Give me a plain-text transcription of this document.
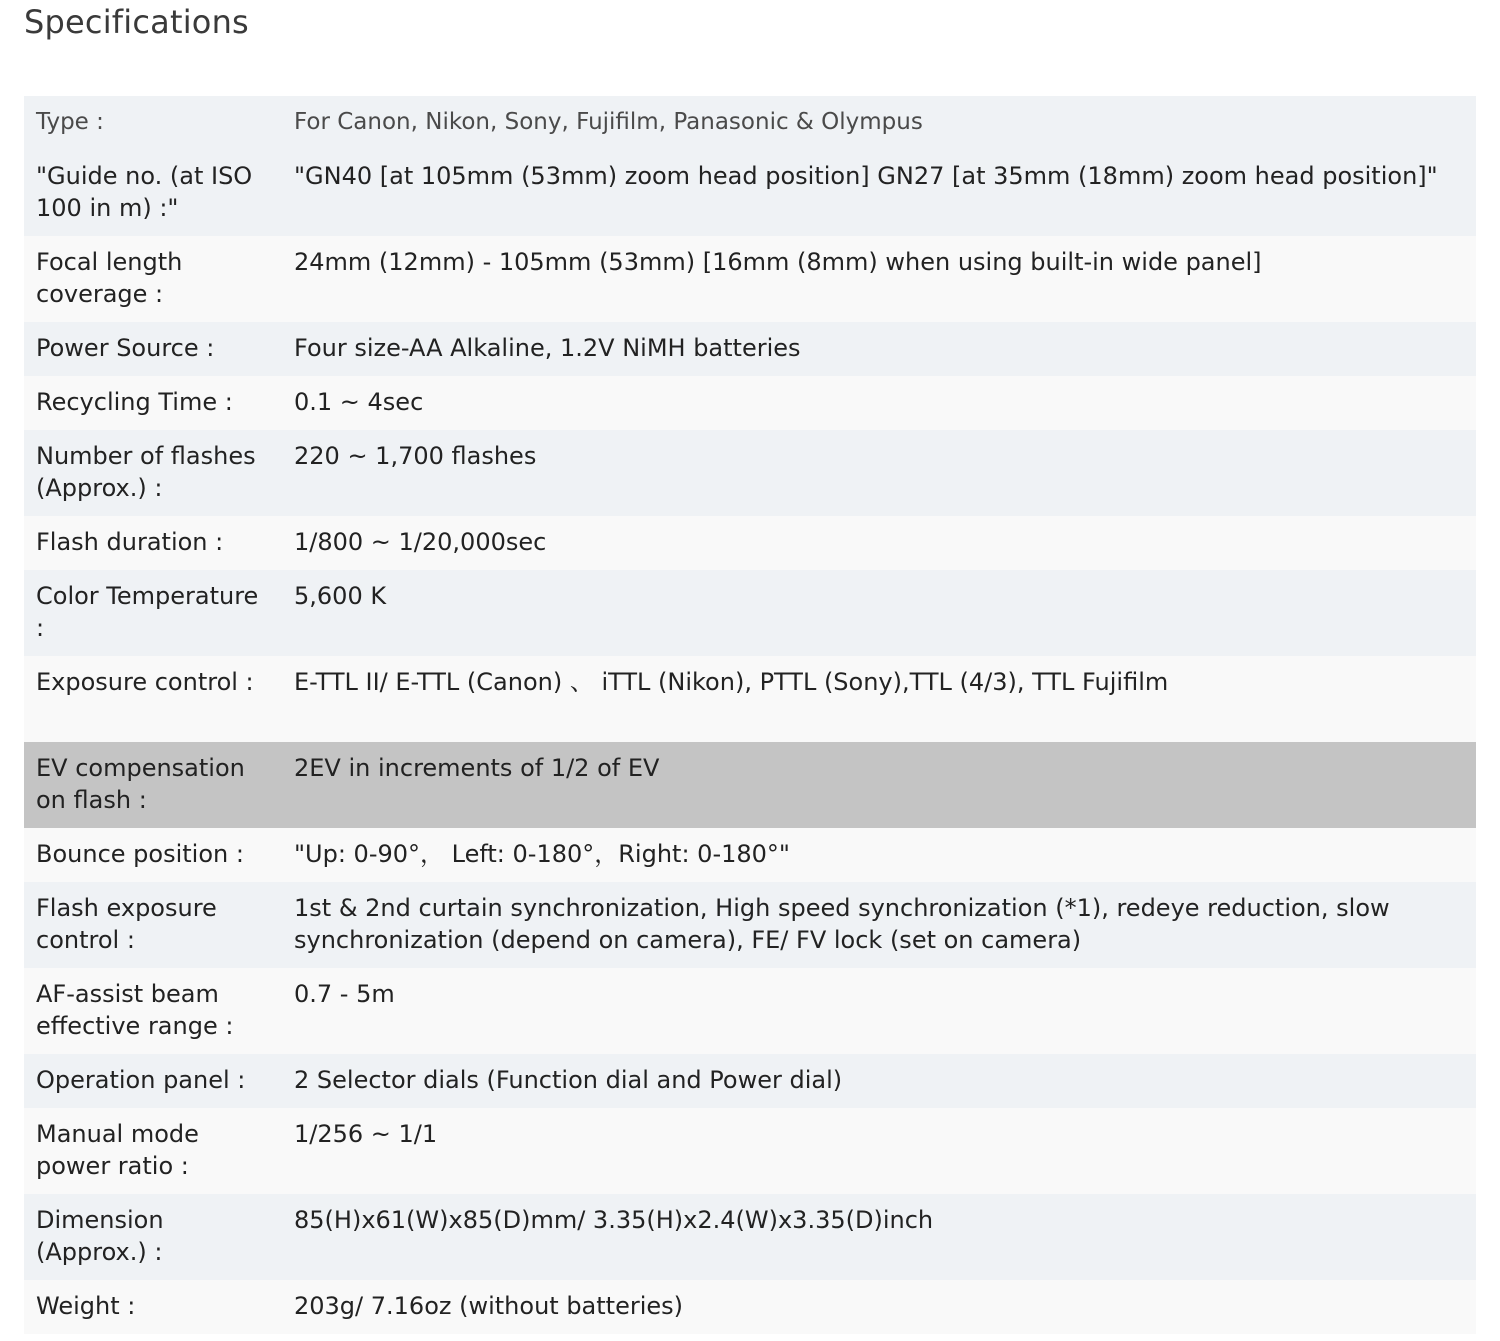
Specifications
Type :	For Canon, Nikon, Sony, Fujifilm, Panasonic & Olympus
"Guide no. (at ISO 100 in m) :"	"GN40 [at 105mm (53mm) zoom head position] GN27 [at 35mm (18mm) zoom head position]"
Focal length coverage :	24mm (12mm) - 105mm (53mm) [16mm (8mm) when using built-in wide panel]
Power Source :	Four size-AA Alkaline, 1.2V NiMH batteries
Recycling Time :	0.1 ~ 4sec
Number of flashes (Approx.) :	220 ~ 1,700 flashes
Flash duration :	1/800 ~ 1/20,000sec
Color Temperature :	5,600 K
Exposure control :	E-TTL II/ E-TTL (Canon) 、 iTTL (Nikon), PTTL (Sony),TTL (4/3), TTL Fujifilm
EV compensation on flash :	2EV in increments of 1/2 of EV
Bounce position :	"Up: 0-90°， Left: 0-180°，Right: 0-180°"
Flash exposure control :	1st & 2nd curtain synchronization, High speed synchronization (*1), redeye reduction, slow synchronization (depend on camera), FE/ FV lock (set on camera)
AF-assist beam effective range :	0.7 - 5m
Operation panel :	2 Selector dials (Function dial and Power dial)
Manual mode power ratio :	1/256 ~ 1/1
Dimension (Approx.) :	85(H)x61(W)x85(D)mm/ 3.35(H)x2.4(W)x3.35(D)inch
Weight :	203g/ 7.16oz (without batteries)
